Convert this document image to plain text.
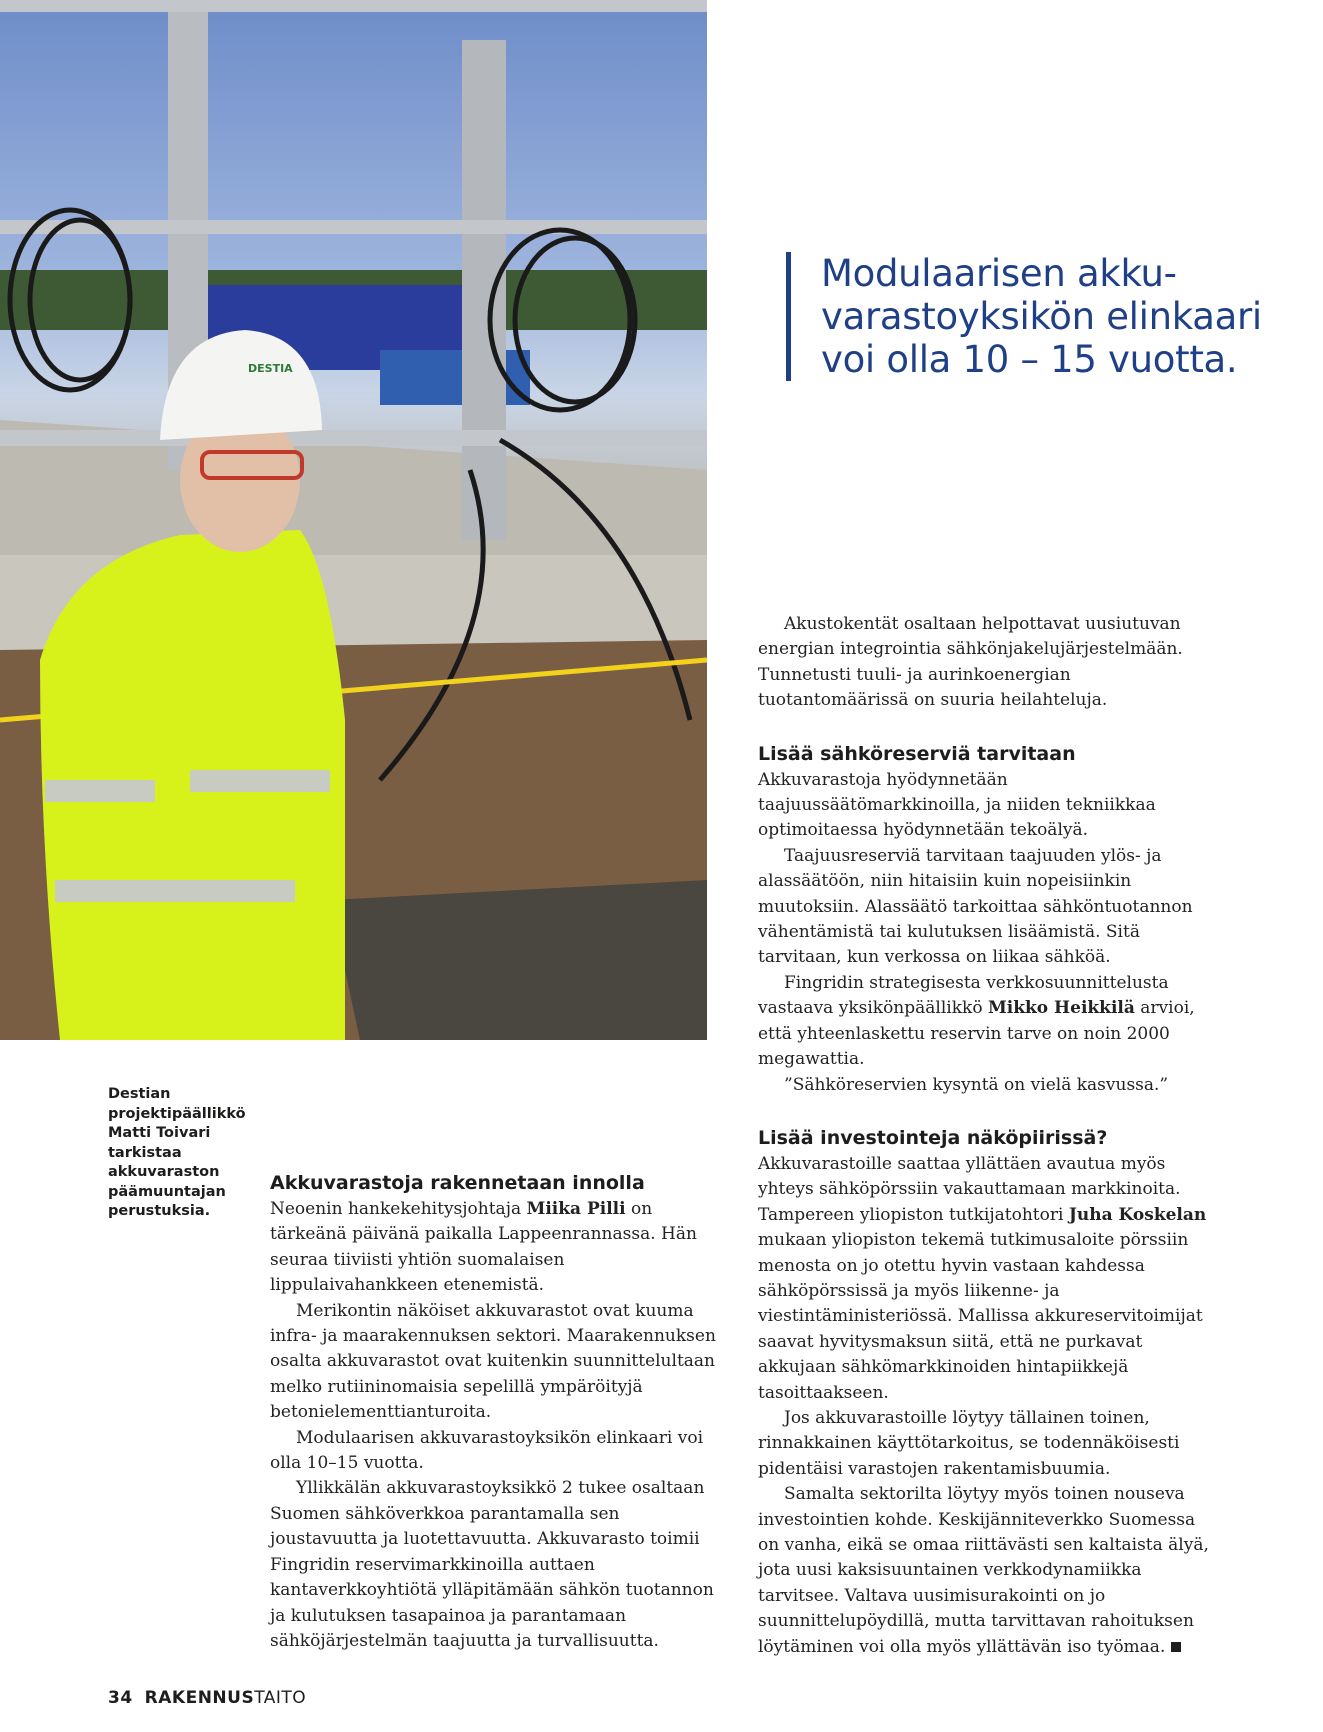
DESTIA
Modulaarisen akkuvarastoyksikön elinkaari voi olla 10 – 15 vuotta.
Destian projektipäällikkö Matti Toivari tarkistaa akkuvaraston päämuuntajan perustuksia.
Akkuvarastoja rakennetaan innolla

Neoenin hankekehitysjohtaja Miika Pilli on tärkeänä päivänä paikalla Lappeenrannassa. Hän seuraa tiiviisti yhtiön suomalaisen lippulaivahankkeen etenemistä.

Merikontin näköiset akkuvarastot ovat kuuma infra- ja maarakennuksen sektori. Maarakennuksen osalta akkuvarastot ovat kuitenkin suunnittelultaan melko rutiininomaisia sepelillä ympäröityjä betonielementtianturoita.

Modulaarisen akkuvarastoyksikön elinkaari voi olla 10–15 vuotta.

Yllikkälän akkuvarastoyksikkö 2 tukee osaltaan Suomen sähköverkkoa parantamalla sen joustavuutta ja luotettavuutta. Akkuvarasto toimii Fingridin reservimarkkinoilla auttaen kantaverkkoyhtiötä ylläpitämään sähkön tuotannon ja kulutuksen tasapainoa ja parantamaan sähköjärjestelmän taajuutta ja turvallisuutta.

Akustokentät osaltaan helpottavat uusiutuvan energian integrointia sähkönjakelujärjestelmään. Tunnetusti tuuli- ja aurinkoenergian tuotantomäärissä on suuria heilahteluja.

Lisää sähköreserviä tarvitaan

Akkuvarastoja hyödynnetään taajuussäätömarkkinoilla, ja niiden tekniikkaa optimoitaessa hyödynnetään tekoälyä.

Taajuusreserviä tarvitaan taajuuden ylös- ja alassäätöön, niin hitaisiin kuin nopeisiinkin muutoksiin. Alassäätö tarkoittaa sähköntuotannon vähentämistä tai kulutuksen lisäämistä. Sitä tarvitaan, kun verkossa on liikaa sähköä.

Fingridin strategisesta verkkosuunnittelusta vastaava yksikönpäällikkö Mikko Heikkilä arvioi, että yhteenlaskettu reservin tarve on noin 2000 megawattia.

”Sähköreservien kysyntä on vielä kasvussa.”

Lisää investointeja näköpiirissä?

Akkuvarastoille saattaa yllättäen avautua myös yhteys sähköpörssiin vakauttamaan markkinoita. Tampereen yliopiston tutkijatohtori Juha Koskelan mukaan yliopiston tekemä tutkimusaloite pörssiin menosta on jo otettu hyvin vastaan kahdessa sähköpörssissä ja myös liikenne- ja viestintäministeriössä. Mallissa akkureservitoimijat saavat hyvitysmaksun siitä, että ne purkavat akkujaan sähkömarkkinoiden hintapiikkejä tasoittaakseen.

Jos akkuvarastoille löytyy tällainen toinen, rinnakkainen käyttötarkoitus, se todennäköisesti pidentäisi varastojen rakentamisbuumia.

Samalta sektorilta löytyy myös toinen nouseva investointien kohde. Keskijänniteverkko Suomessa on vanha, eikä se omaa riittävästi sen kaltaista älyä, jota uusi kaksisuuntainen verkkodynamiikka tarvitsee. Valtava uusimisurakointi on jo suunnittelupöydillä, mutta tarvittavan rahoituksen löytäminen voi olla myös yllättävän iso työmaa.

34 RAKENNUSTAITO
